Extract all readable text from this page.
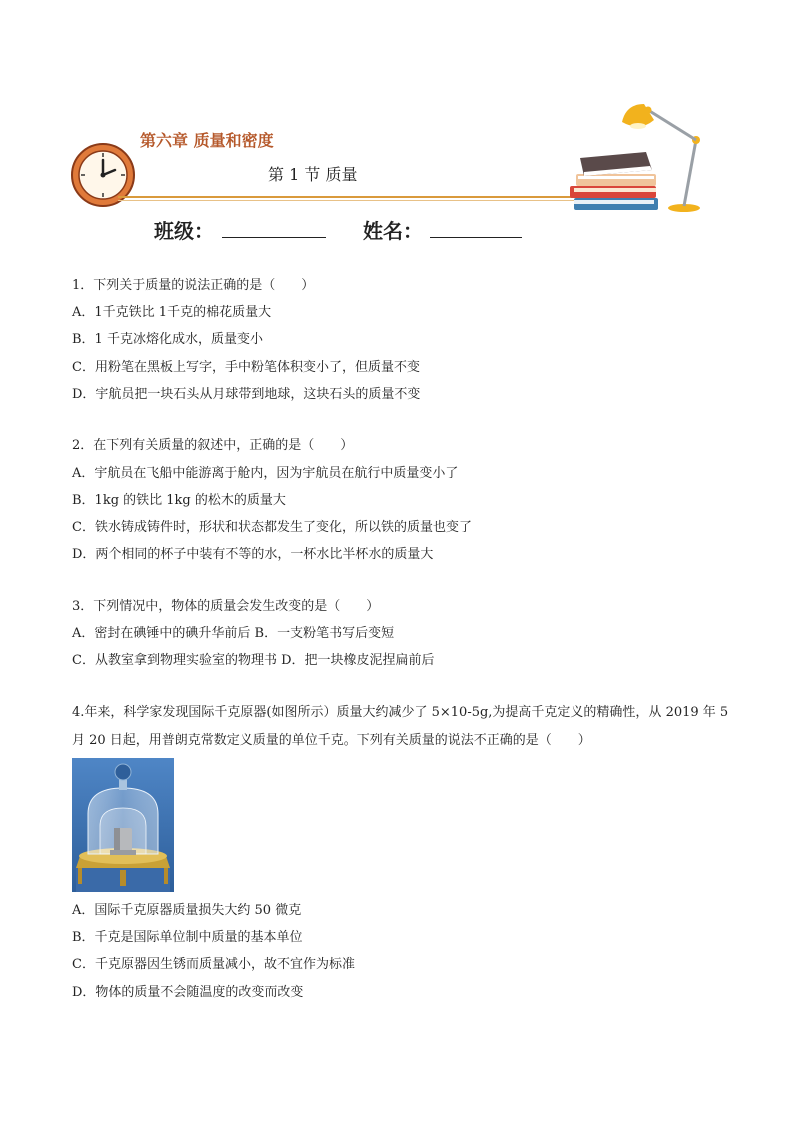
第六章 质量和密度
第 1 节 质量
班级：	姓名：
1．下列关于质量的说法正确的是（　　）
A．1千克铁比 1千克的棉花质量大
B．1 千克冰熔化成水，质量变小
C．用粉笔在黑板上写字，手中粉笔体积变小了，但质量不变
D．宇航员把一块石头从月球带到地球，这块石头的质量不变
2．在下列有关质量的叙述中，正确的是（　　）
A．宇航员在飞船中能游离于舱内，因为宇航员在航行中质量变小了
B．1kg 的铁比 1kg 的松木的质量大
C．铁水铸成铸件时，形状和状态都发生了变化，所以铁的质量也变了
D．两个相同的杯子中装有不等的水，一杯水比半杯水的质量大
3．下列情况中，物体的质量会发生改变的是（　　）
A．密封在碘锤中的碘升华前后 B．一支粉笔书写后变短
C．从教室拿到物理实验室的物理书 D．把一块橡皮泥捏扁前后
4.年来，科学家发现国际千克原器(如图所示）质量大约减少了 5×10-5g,为提高千克定义的精确性，从 2019 年 5 月 20 日起，用普朗克常数定义质量的单位千克。下列有关质量的说法不正确的是（　　）
A．国际千克原器质量损失大约 50 微克
B．千克是国际单位制中质量的基本单位
C．千克原器因生锈而质量减小，故不宜作为标准
D．物体的质量不会随温度的改变而改变
